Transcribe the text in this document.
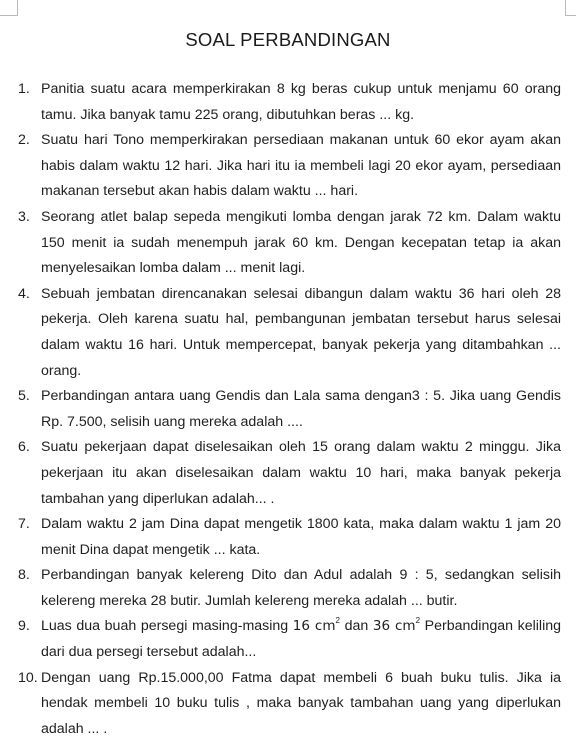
SOAL PERBANDINGAN
1. Panitia suatu acara memperkirakan 8 kg beras cukup untuk menjamu 60 orang tamu. Jika banyak tamu 225 orang, dibutuhkan beras ... kg.
2. Suatu hari Tono memperkirakan persediaan makanan untuk 60 ekor ayam akan habis dalam waktu 12 hari. Jika hari itu ia membeli lagi 20 ekor ayam, persediaan makanan tersebut akan habis dalam waktu ... hari.
3. Seorang atlet balap sepeda mengikuti lomba dengan jarak 72 km. Dalam waktu 150 menit ia sudah menempuh jarak 60 km. Dengan kecepatan tetap ia akan menyelesaikan lomba dalam ... menit lagi.
4. Sebuah jembatan direncanakan selesai dibangun dalam waktu 36 hari oleh 28 pekerja. Oleh karena suatu hal, pembangunan jembatan tersebut harus selesai dalam waktu 16 hari. Untuk mempercepat, banyak pekerja yang ditambahkan ... orang.
5. Perbandingan antara uang Gendis dan Lala sama dengan3 : 5. Jika uang Gendis Rp. 7.500, selisih uang mereka adalah ....
6. Suatu pekerjaan dapat diselesaikan oleh 15 orang dalam waktu 2 minggu. Jika pekerjaan itu akan diselesaikan dalam waktu 10 hari, maka banyak pekerja tambahan yang diperlukan adalah... .
7. Dalam waktu 2 jam Dina dapat mengetik 1800 kata, maka dalam waktu 1 jam 20 menit Dina dapat mengetik ... kata.
8. Perbandingan banyak kelereng Dito dan Adul adalah 9 : 5, sedangkan selisih kelereng mereka 28 butir. Jumlah kelereng mereka adalah ... butir.
9. Luas dua buah persegi masing-masing 16 $cm^2$ dan 36 $cm^2$ Perbandingan keliling dari dua persegi tersebut adalah...
10. Dengan uang Rp.15.000,00 Fatma dapat membeli 6 buah buku tulis. Jika ia hendak membeli 10 buku tulis , maka banyak tambahan uang yang diperlukan adalah ... .
